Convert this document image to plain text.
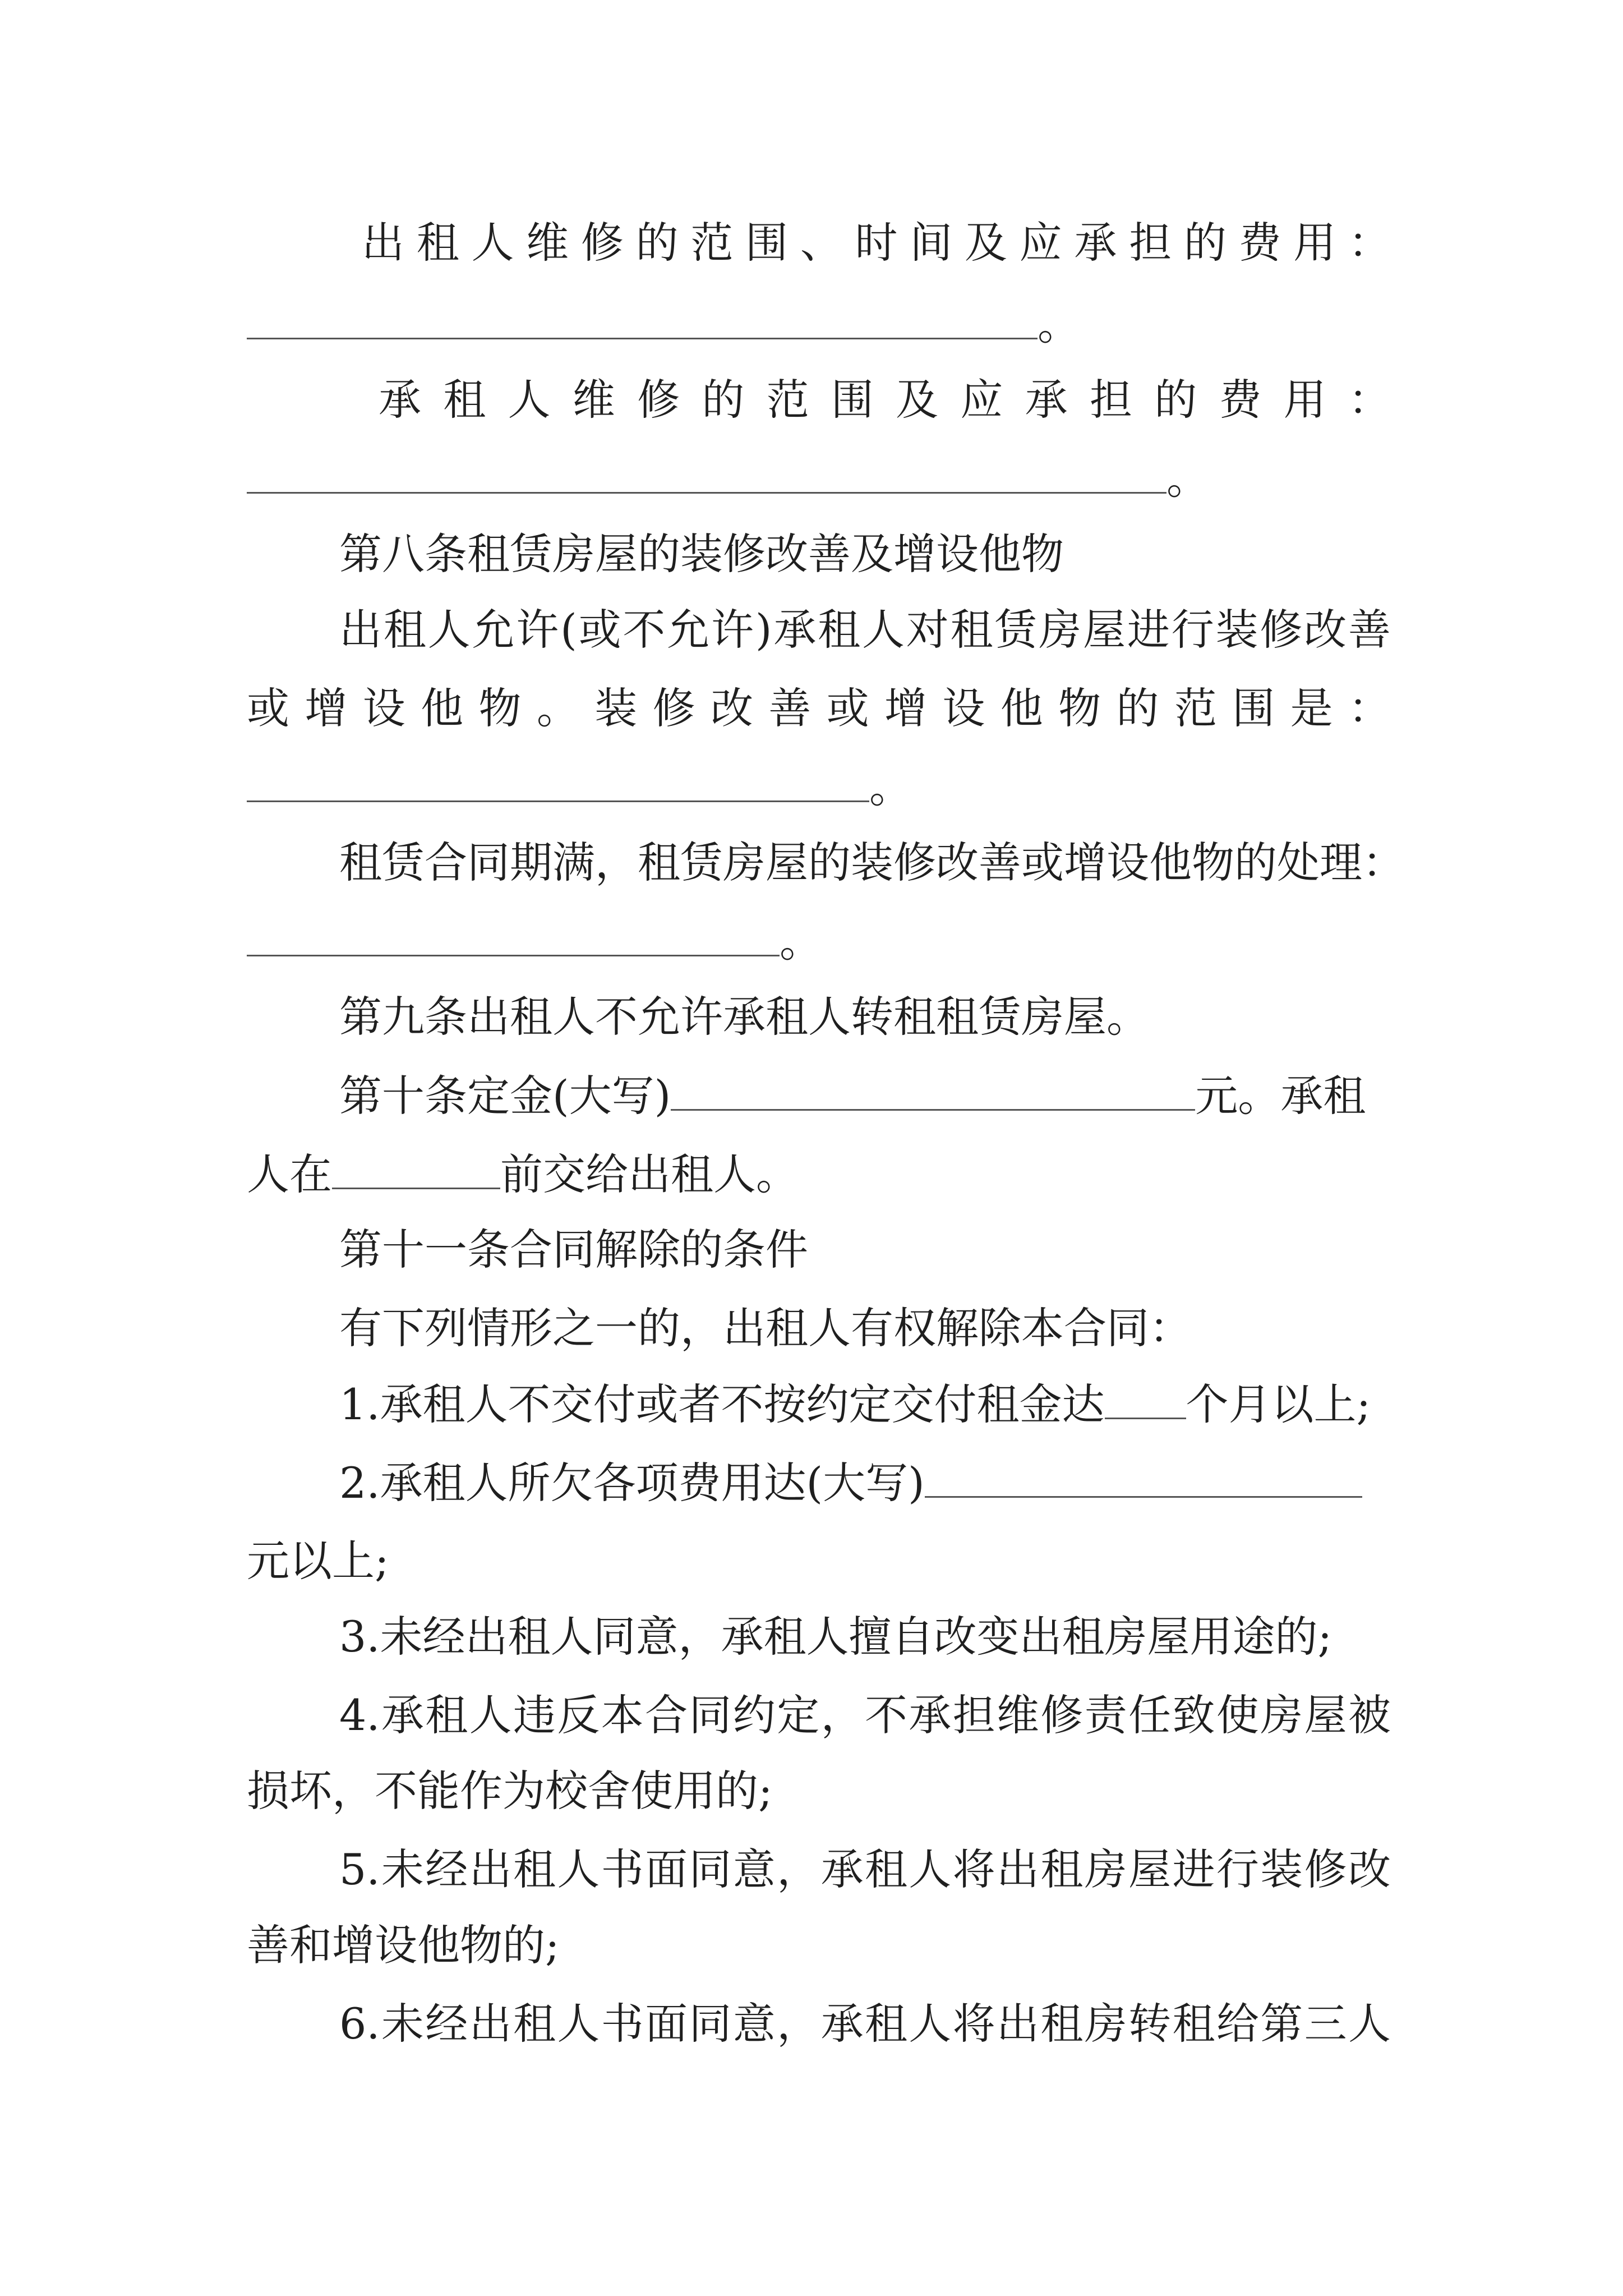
出租人维修的范围、时间及应承担的费用：
。
承租人维修的范围及应承担的费用：
。
第八条租赁房屋的装修改善及增设他物
出租人允许(或不允许)承租人对租赁房屋进行装修改善
或增设他物。装修改善或增设他物的范围是：
。
租赁合同期满，租赁房屋的装修改善或增设他物的处理：
。
第九条出租人不允许承租人转租租赁房屋。
第十条定金(大写)	元。承租
人在	前交给出租人。
第十一条合同解除的条件
有下列情形之一的，出租人有权解除本合同：
1.承租人不交付或者不按约定交付租金达 个月以上;
2.承租人所欠各项费用达(大写)
元以上;
3.未经出租人同意，承租人擅自改变出租房屋用途的;
4.承租人违反本合同约定，不承担维修责任致使房屋被
损坏，不能作为校舍使用的;
5.未经出租人书面同意，承租人将出租房屋进行装修改
善和增设他物的;
6.未经出租人书面同意，承租人将出租房转租给第三人
